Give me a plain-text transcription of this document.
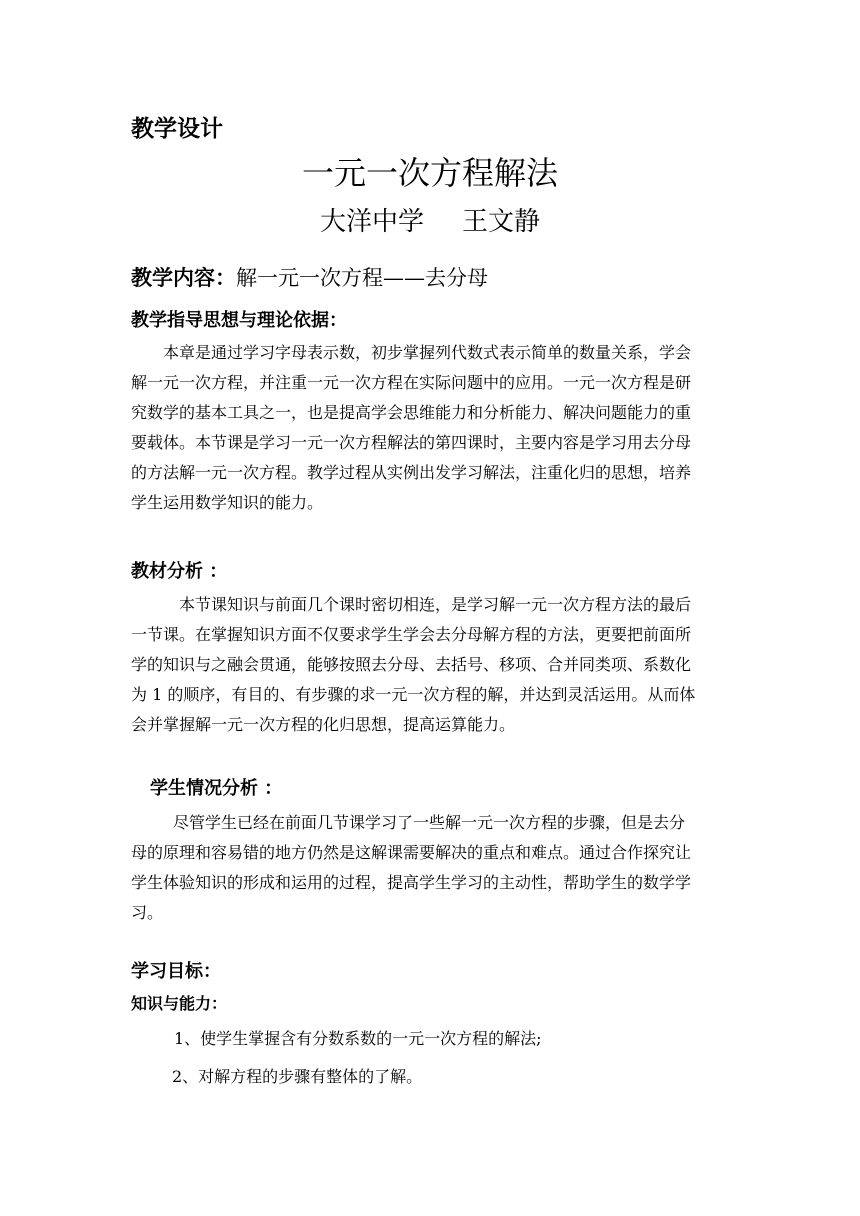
教学设计
一元一次方程解法
大洋中学 王文静
教学内容：解一元一次方程——去分母
教学指导思想与理论依据：
本章是通过学习字母表示数，初步掌握列代数式表示简单的数量关系，学会
解一元一次方程，并注重一元一次方程在实际问题中的应用。一元一次方程是研
究数学的基本工具之一，也是提高学会思维能力和分析能力、解决问题能力的重
要载体。本节课是学习一元一次方程解法的第四课时，主要内容是学习用去分母
的方法解一元一次方程。教学过程从实例出发学习解法，注重化归的思想，培养
学生运用数学知识的能力。
教材分析 ：
本节课知识与前面几个课时密切相连，是学习解一元一次方程方法的最后
一节课。在掌握知识方面不仅要求学生学会去分母解方程的方法，更要把前面所
学的知识与之融会贯通，能够按照去分母、去括号、移项、合并同类项、系数化
为 1 的顺序，有目的、有步骤的求一元一次方程的解，并达到灵活运用。从而体
会并掌握解一元一次方程的化归思想，提高运算能力。
学生情况分析 ：
尽管学生已经在前面几节课学习了一些解一元一次方程的步骤，但是去分
母的原理和容易错的地方仍然是这解课需要解决的重点和难点。通过合作探究让
学生体验知识的形成和运用的过程，提高学生学习的主动性，帮助学生的数学学
习。
学习目标：
知识与能力：
1、使学生掌握含有分数系数的一元一次方程的解法;
2、对解方程的步骤有整体的了解。
